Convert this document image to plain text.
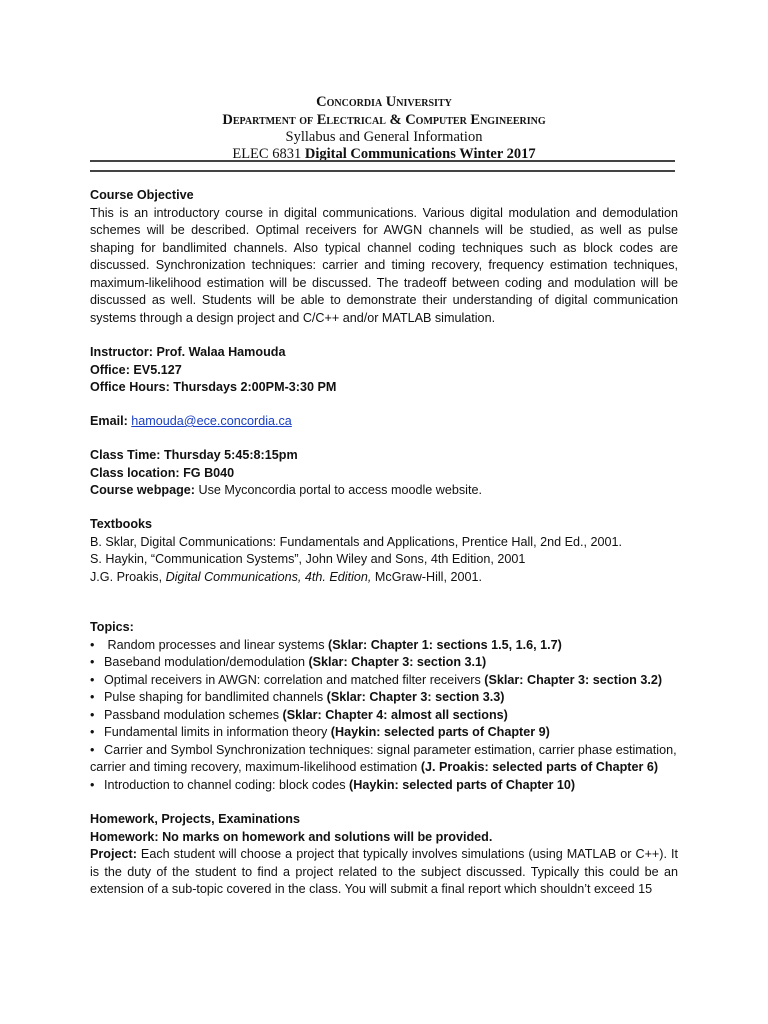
Concordia University
Department of Electrical & Computer Engineering
Syllabus and General Information
ELEC 6831 Digital Communications Winter 2017
Course Objective
This is an introductory course in digital communications. Various digital modulation and demodulation schemes will be described. Optimal receivers for AWGN channels will be studied, as well as pulse shaping for bandlimited channels. Also typical channel coding techniques such as block codes are discussed. Synchronization techniques: carrier and timing recovery, frequency estimation techniques, maximum-likelihood estimation will be discussed. The tradeoff between coding and modulation will be discussed as well. Students will be able to demonstrate their understanding of digital communication systems through a design project and C/C++ and/or MATLAB simulation.
Instructor: Prof. Walaa Hamouda
Office: EV5.127
Office Hours: Thursdays 2:00PM-3:30 PM
Email: hamouda@ece.concordia.ca
Class Time: Thursday 5:45:8:15pm
Class location: FG B040
Course webpage: Use Myconcordia portal to access moodle website.
Textbooks
B. Sklar, Digital Communications: Fundamentals and Applications, Prentice Hall, 2nd Ed., 2001.
S. Haykin, “Communication Systems”, John Wiley and Sons, 4th Edition, 2001
J.G. Proakis, Digital Communications, 4th. Edition, McGraw-Hill, 2001.
Topics:
• Random processes and linear systems (Sklar: Chapter 1: sections 1.5, 1.6, 1.7)
• Baseband modulation/demodulation (Sklar: Chapter 3: section 3.1)
• Optimal receivers in AWGN: correlation and matched filter receivers (Sklar: Chapter 3: section 3.2)
• Pulse shaping for bandlimited channels (Sklar: Chapter 3: section 3.3)
• Passband modulation schemes (Sklar: Chapter 4: almost all sections)
• Fundamental limits in information theory (Haykin: selected parts of Chapter 9)
• Carrier and Symbol Synchronization techniques: signal parameter estimation, carrier phase estimation,
carrier and timing recovery, maximum-likelihood estimation (J. Proakis: selected parts of Chapter 6)
• Introduction to channel coding: block codes (Haykin: selected parts of Chapter 10)
Homework, Projects, Examinations
Homework: No marks on homework and solutions will be provided.
Project: Each student will choose a project that typically involves simulations (using MATLAB or C++). It is the duty of the student to find a project related to the subject discussed. Typically this could be an extension of a sub-topic covered in the class. You will submit a final report which shouldn’t exceed 15
